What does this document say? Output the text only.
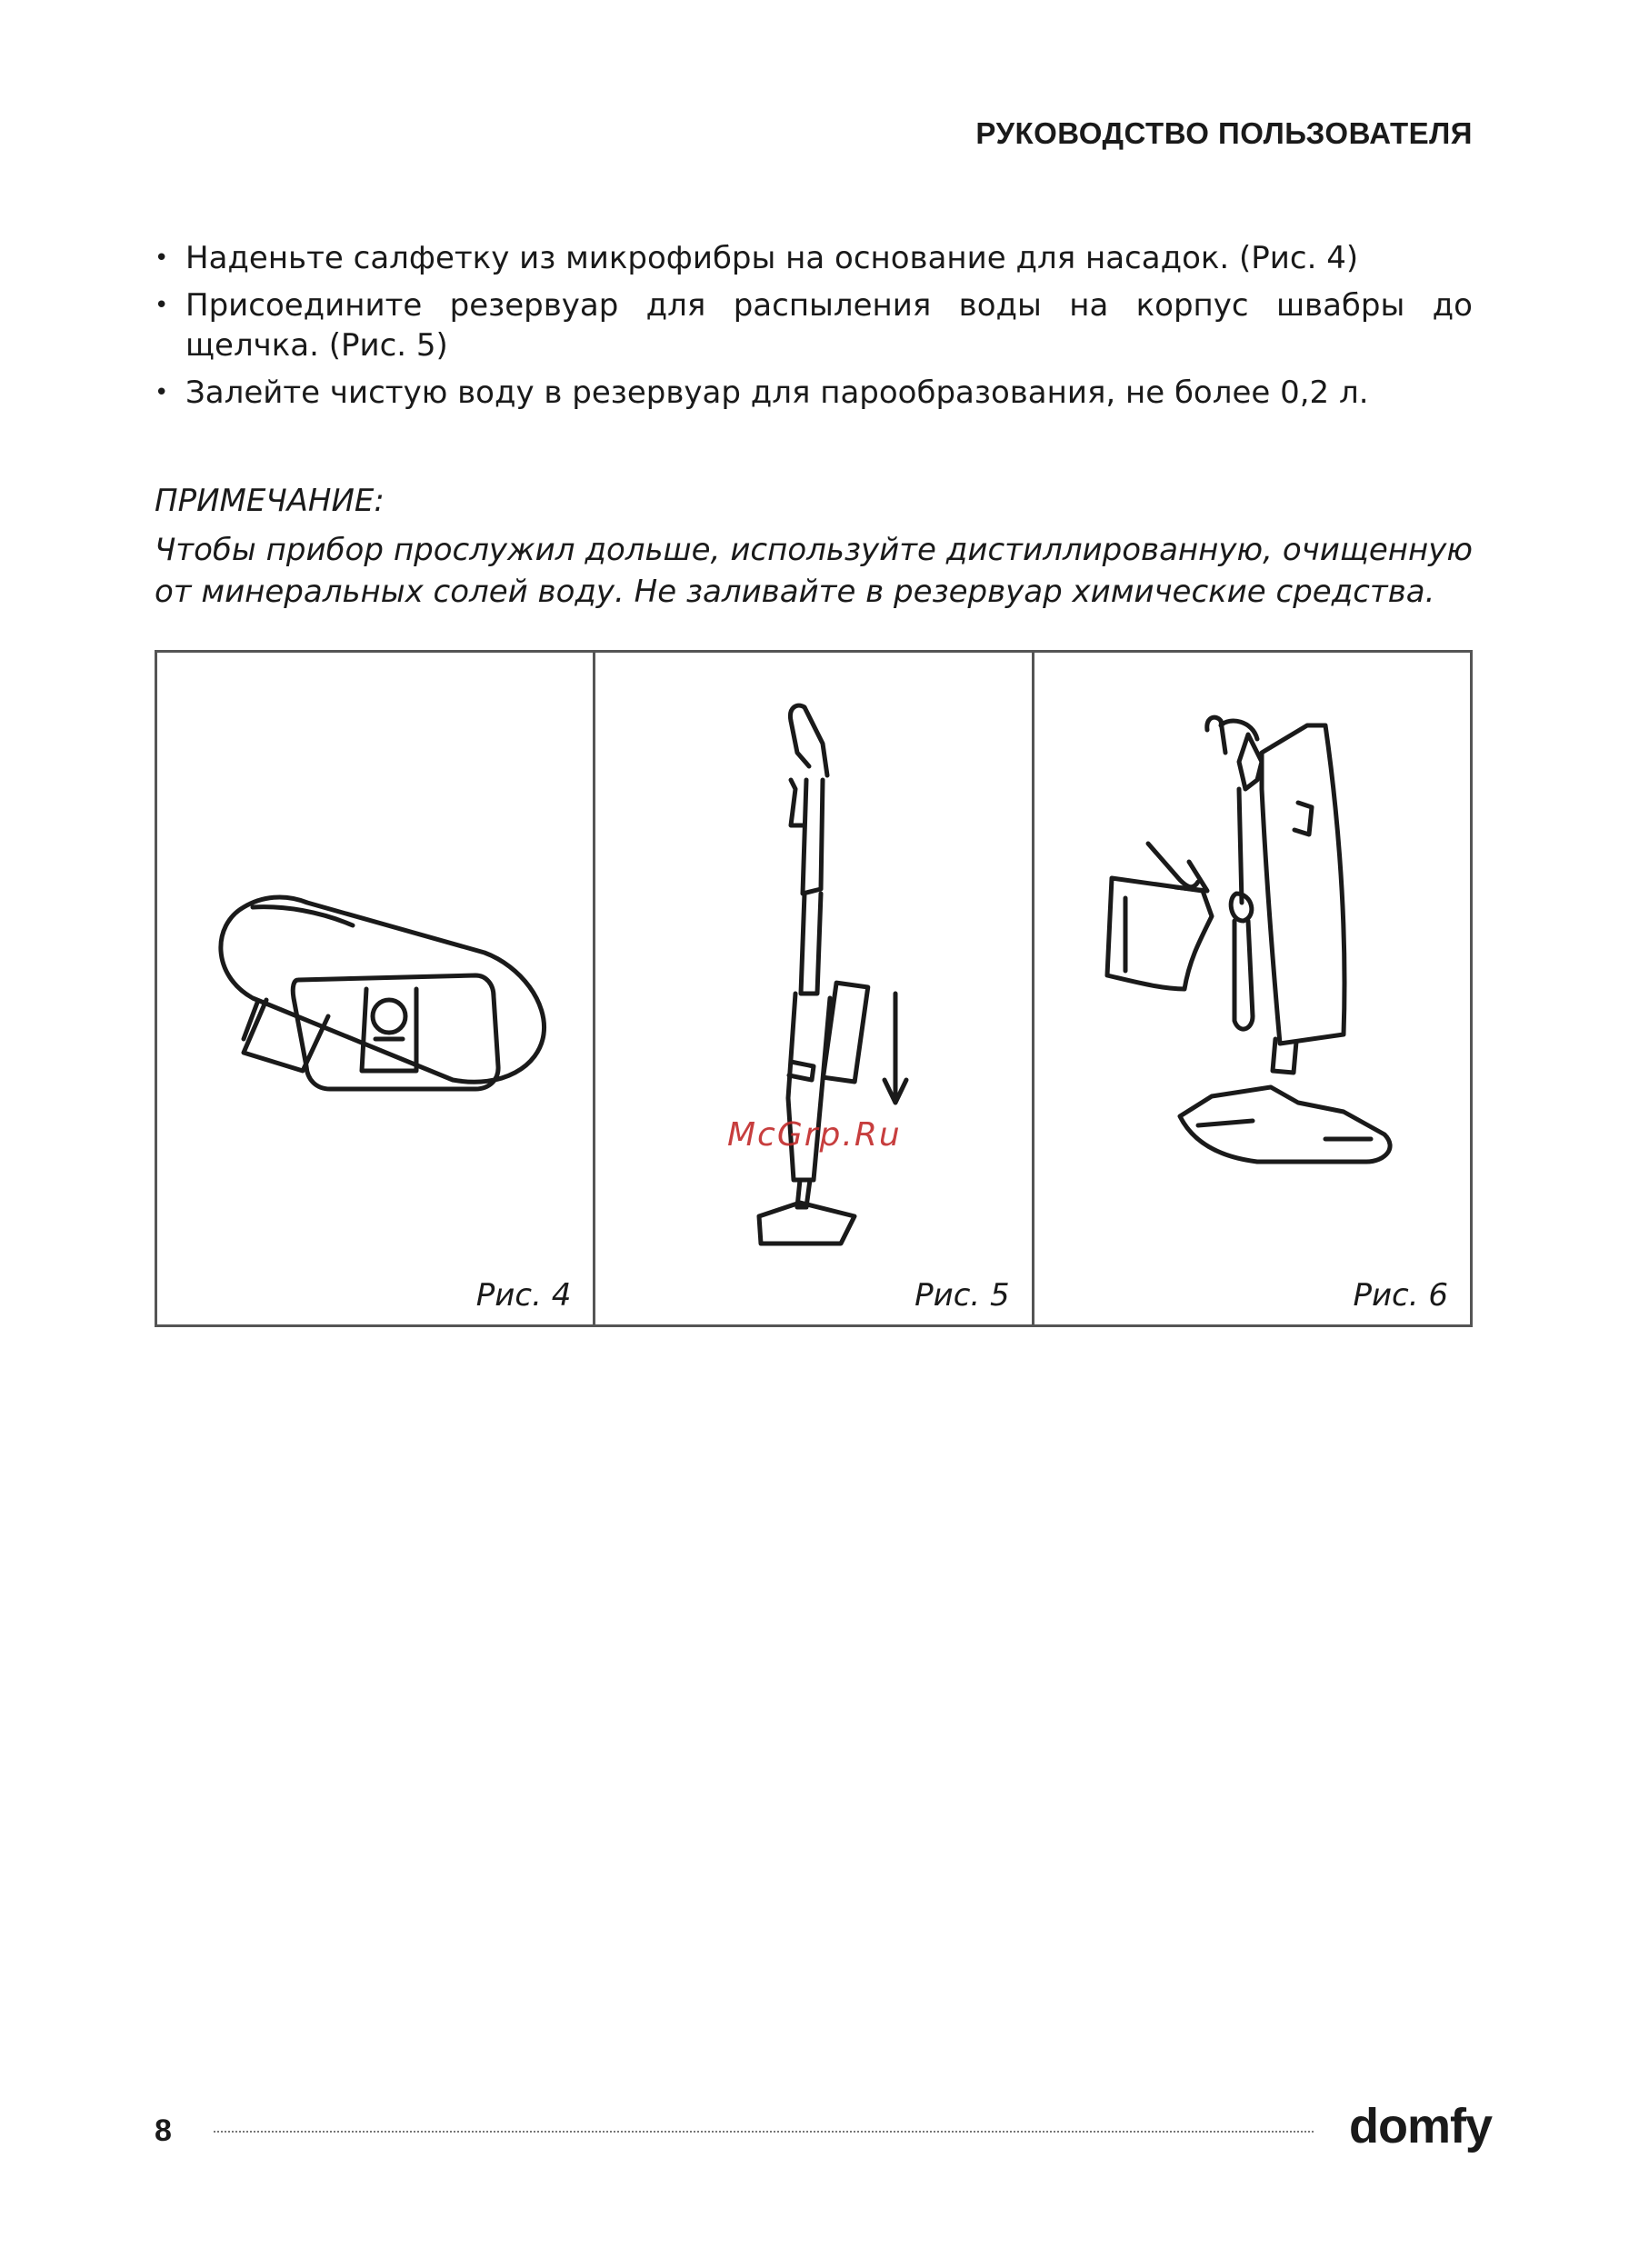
РУКОВОДСТВО ПОЛЬЗОВАТЕЛЯ
• Наденьте салфетку из микрофибры на основание для насадок. (Рис. 4)
• Присоедините резервуар для распыления воды на корпус швабры до щелчка. (Рис. 5)
• Залейте чистую воду в резервуар для парообразования, не более 0,2 л.
ПРИМЕЧАНИЕ:
Чтобы прибор прослужил дольше, используйте дистиллированную, очищенную от минеральных солей воду. Не заливайте в резервуар химические средства.
Рис. 4	Рис. 5	Рис. 6
McGrp.Ru
8	domfy
